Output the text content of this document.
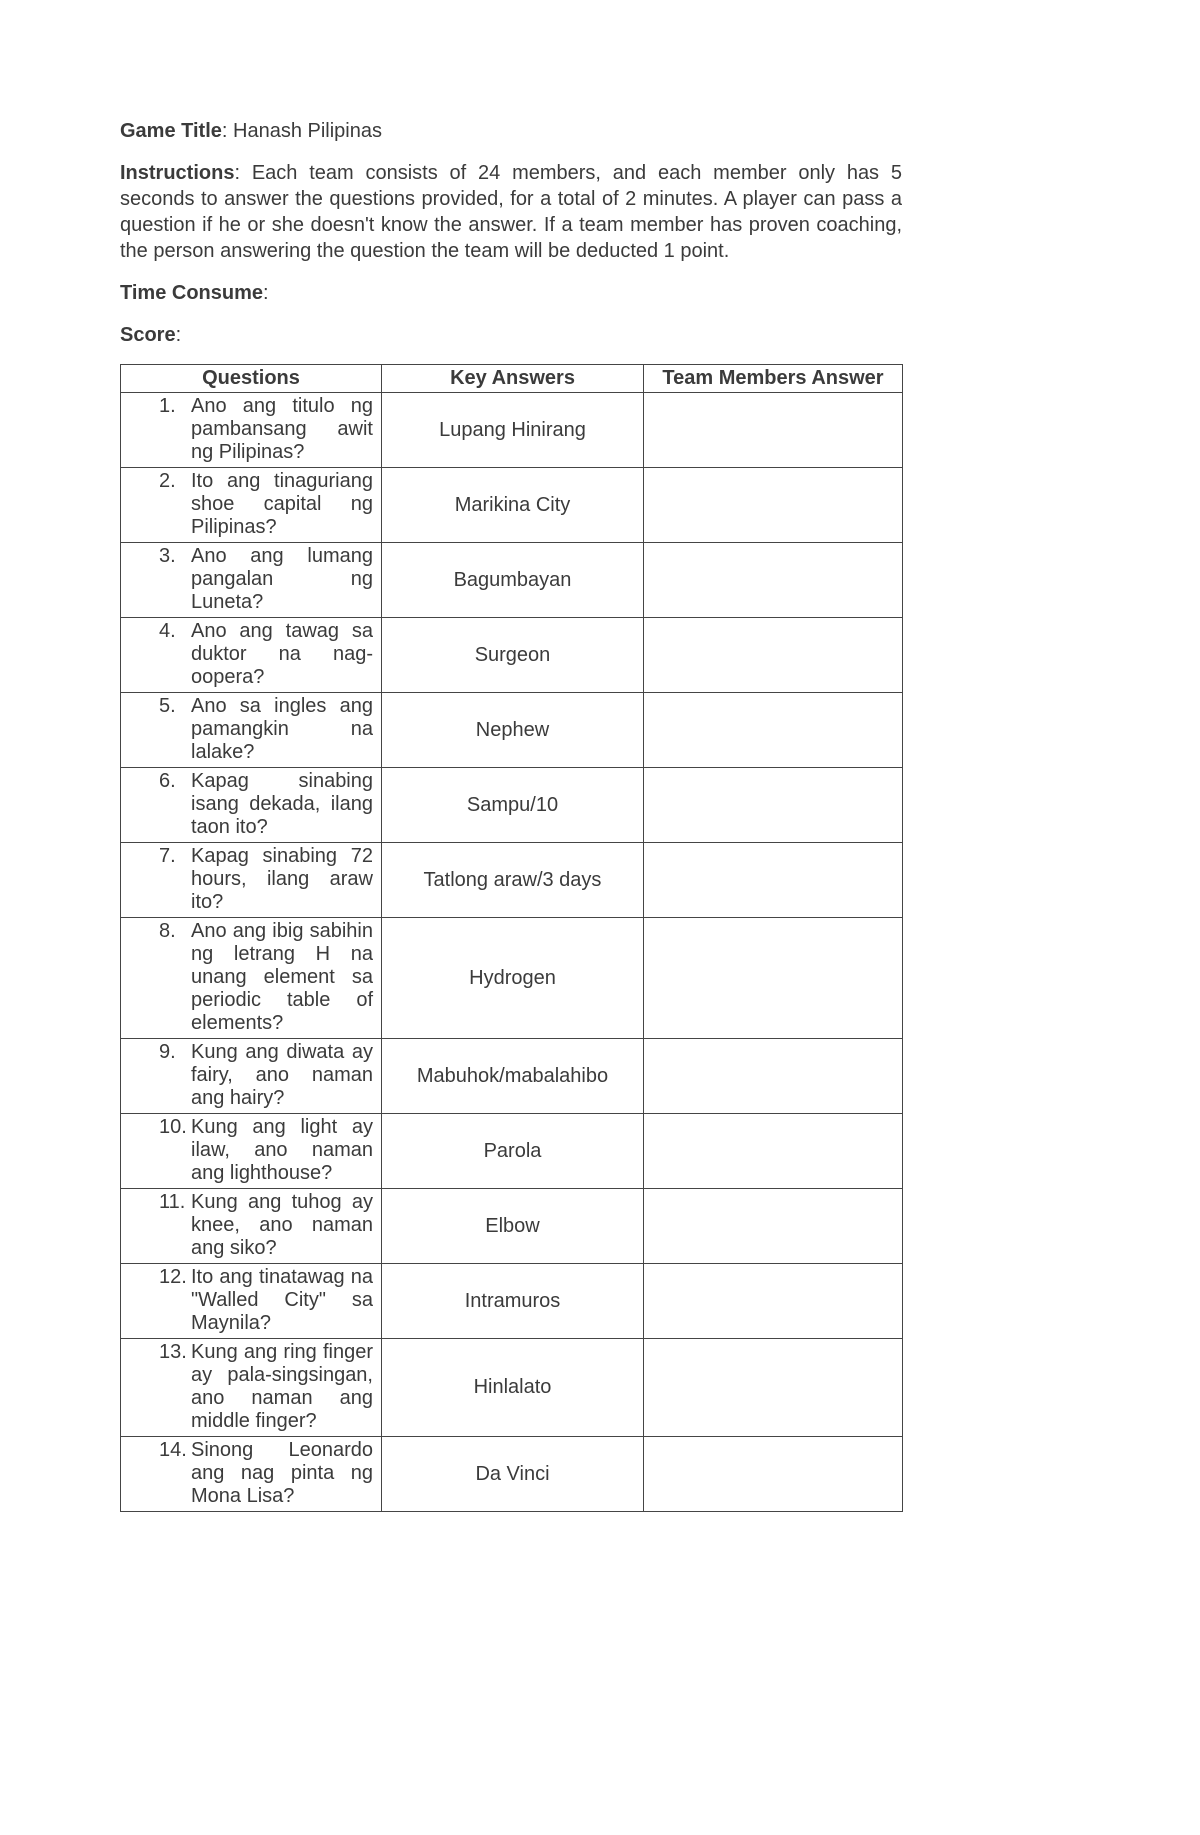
Game Title: Hanash Pilipinas

Instructions: Each team consists of 24 members, and each member only has 5 seconds to answer the questions provided, for a total of 2 minutes. A player can pass a question if he or she doesn't know the answer. If a team member has proven coaching, the person answering the question the team will be deducted 1 point.

Time Consume:

Score:

Questions	Key Answers	Team Members Answer

1. Ano ang titulo ng pambansang awit ng Pilipinas?	Lupang Hinirang	

2. Ito ang tinaguriang shoe capital ng Pilipinas?	Marikina City	

3. Ano ang lumang pangalan ng Luneta?	Bagumbayan	

4. Ano ang tawag sa duktor na nag-oopera?	Surgeon	

5. Ano sa ingles ang pamangkin na lalake?	Nephew	

6. Kapag sinabing isang dekada, ilang taon ito?	Sampu/10	

7. Kapag sinabing 72 hours, ilang araw ito?	Tatlong araw/3 days	

8. Ano ang ibig sabihin ng letrang H na unang element sa periodic table of elements?	Hydrogen	

9. Kung ang diwata ay fairy, ano naman ang hairy?	Mabuhok/mabalahibo	

10. Kung ang light ay ilaw, ano naman ang lighthouse?	Parola	

11. Kung ang tuhog ay knee, ano naman ang siko?	Elbow	

12. Ito ang tinatawag na "Walled City" sa Maynila?	Intramuros	

13. Kung ang ring finger ay pala-singsingan, ano naman ang middle finger?	Hinlalato	

14. Sinong Leonardo ang nag pinta ng Mona Lisa?	Da Vinci	
